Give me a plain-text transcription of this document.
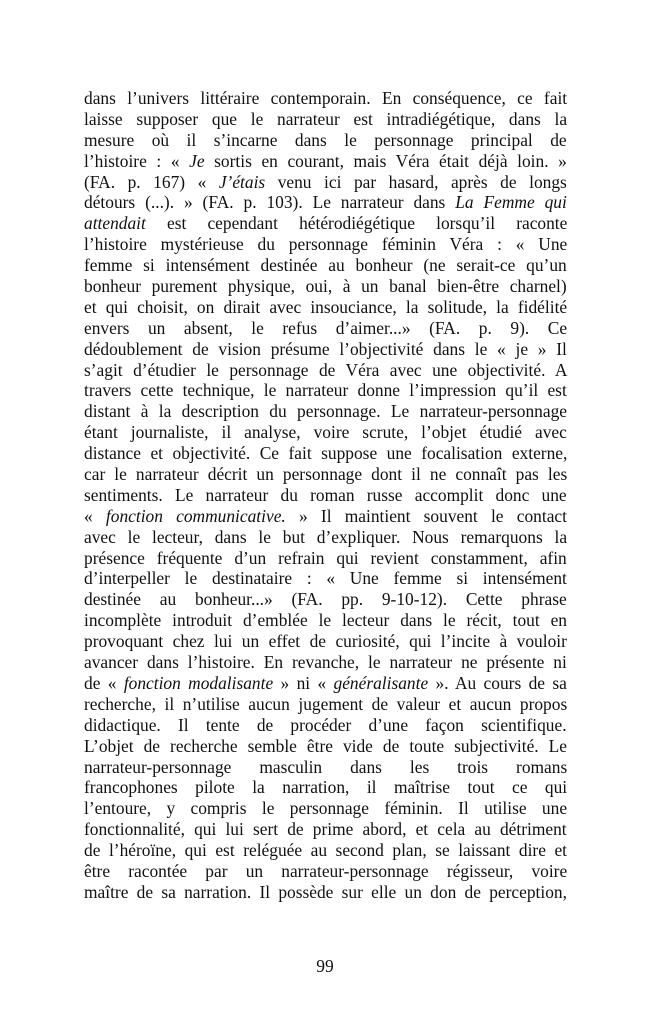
dans l’univers littéraire contemporain. En conséquence, ce fait
laisse supposer que le narrateur est intradiégétique, dans la
mesure où il s’incarne dans le personnage principal de
l’histoire : « Je sortis en courant, mais Véra était déjà loin. »
(FA. p. 167) « J’étais venu ici par hasard, après de longs
détours (...). » (FA. p. 103). Le narrateur dans La Femme qui
attendait est cependant hétérodiégétique lorsqu’il raconte
l’histoire mystérieuse du personnage féminin Véra : « Une
femme si intensément destinée au bonheur (ne serait-ce qu’un
bonheur purement physique, oui, à un banal bien-être charnel)
et qui choisit, on dirait avec insouciance, la solitude, la fidélité
envers un absent, le refus d’aimer...» (FA. p. 9). Ce
dédoublement de vision présume l’objectivité dans le « je » Il
s’agit d’étudier le personnage de Véra avec une objectivité. A
travers cette technique, le narrateur donne l’impression qu’il est
distant à la description du personnage. Le narrateur-personnage
étant journaliste, il analyse, voire scrute, l’objet étudié avec
distance et objectivité. Ce fait suppose une focalisation externe,
car le narrateur décrit un personnage dont il ne connaît pas les
sentiments. Le narrateur du roman russe accomplit donc une
« fonction communicative. » Il maintient souvent le contact
avec le lecteur, dans le but d’expliquer. Nous remarquons la
présence fréquente d’un refrain qui revient constamment, afin
d’interpeller le destinataire : « Une femme si intensément
destinée au bonheur...» (FA. pp. 9-10-12). Cette phrase
incomplète introduit d’emblée le lecteur dans le récit, tout en
provoquant chez lui un effet de curiosité, qui l’incite à vouloir
avancer dans l’histoire. En revanche, le narrateur ne présente ni
de « fonction modalisante » ni « généralisante ». Au cours de sa
recherche, il n’utilise aucun jugement de valeur et aucun propos
didactique. Il tente de procéder d’une façon scientifique.
L’objet de recherche semble être vide de toute subjectivité. Le
narrateur-personnage masculin dans les trois romans
francophones pilote la narration, il maîtrise tout ce qui
l’entoure, y compris le personnage féminin. Il utilise une
fonctionnalité, qui lui sert de prime abord, et cela au détriment
de l’héroïne, qui est reléguée au second plan, se laissant dire et
être racontée par un narrateur-personnage régisseur, voire
maître de sa narration. Il possède sur elle un don de perception,
99
